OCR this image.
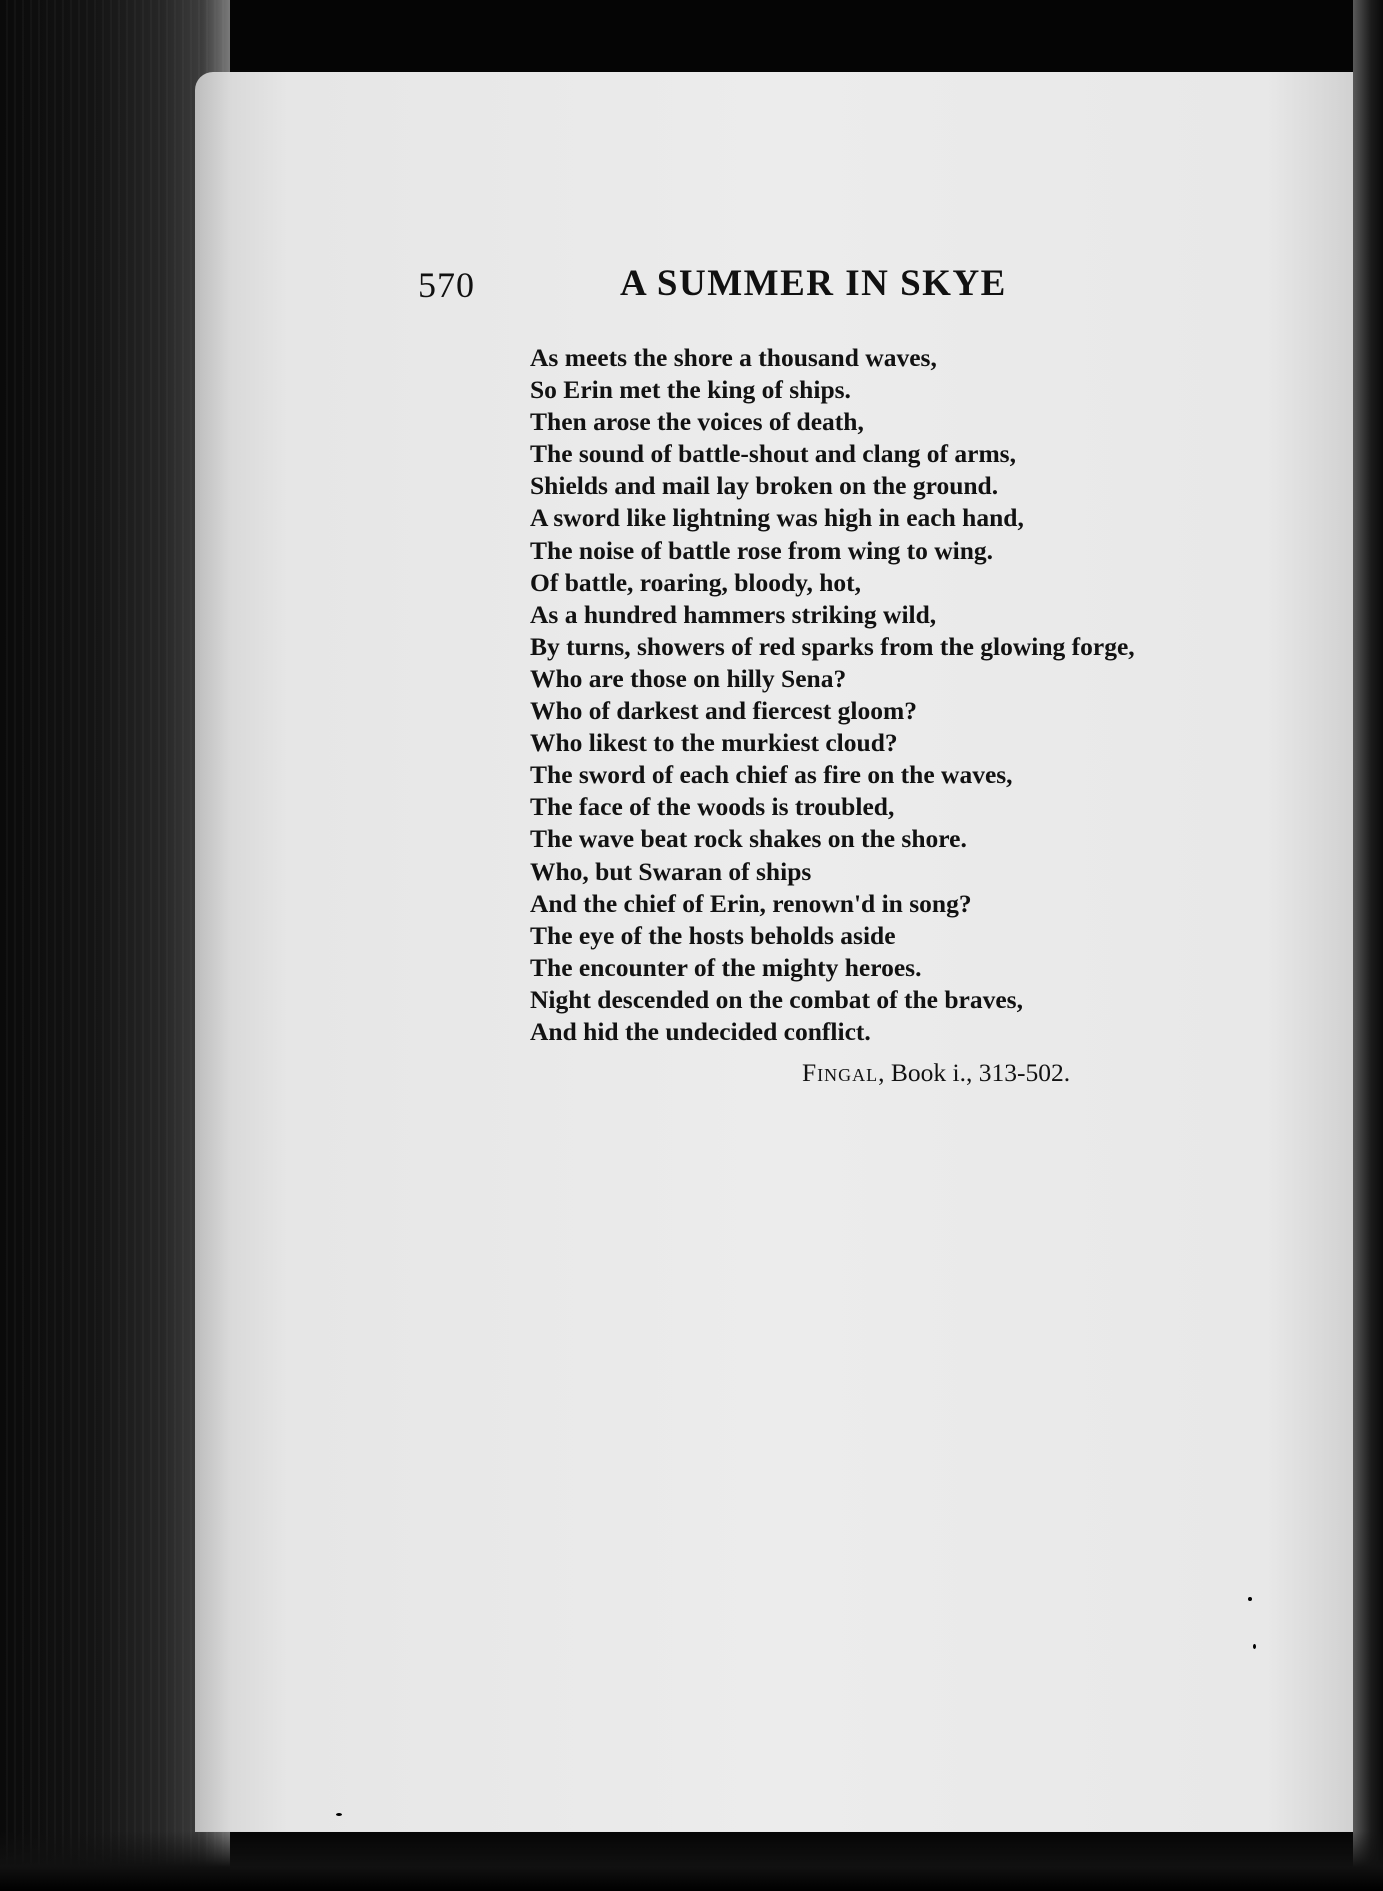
570	A SUMMER IN SKYE
As meets the shore a thousand waves,
So Erin met the king of ships.
Then arose the voices of death,
The sound of battle-shout and clang of arms,
Shields and mail lay broken on the ground.
A sword like lightning was high in each hand,
The noise of battle rose from wing to wing.
Of battle, roaring, bloody, hot,
As a hundred hammers striking wild,
By turns, showers of red sparks from the glowing forge,
Who are those on hilly Sena?
Who of darkest and fiercest gloom?
Who likest to the murkiest cloud?
The sword of each chief as fire on the waves,
The face of the woods is troubled,
The wave beat rock shakes on the shore.
Who, but Swaran of ships
And the chief of Erin, renown'd in song?
The eye of the hosts beholds aside
The encounter of the mighty heroes.
Night descended on the combat of the braves,
And hid the undecided conflict.
Fingal, Book i., 313-502.
